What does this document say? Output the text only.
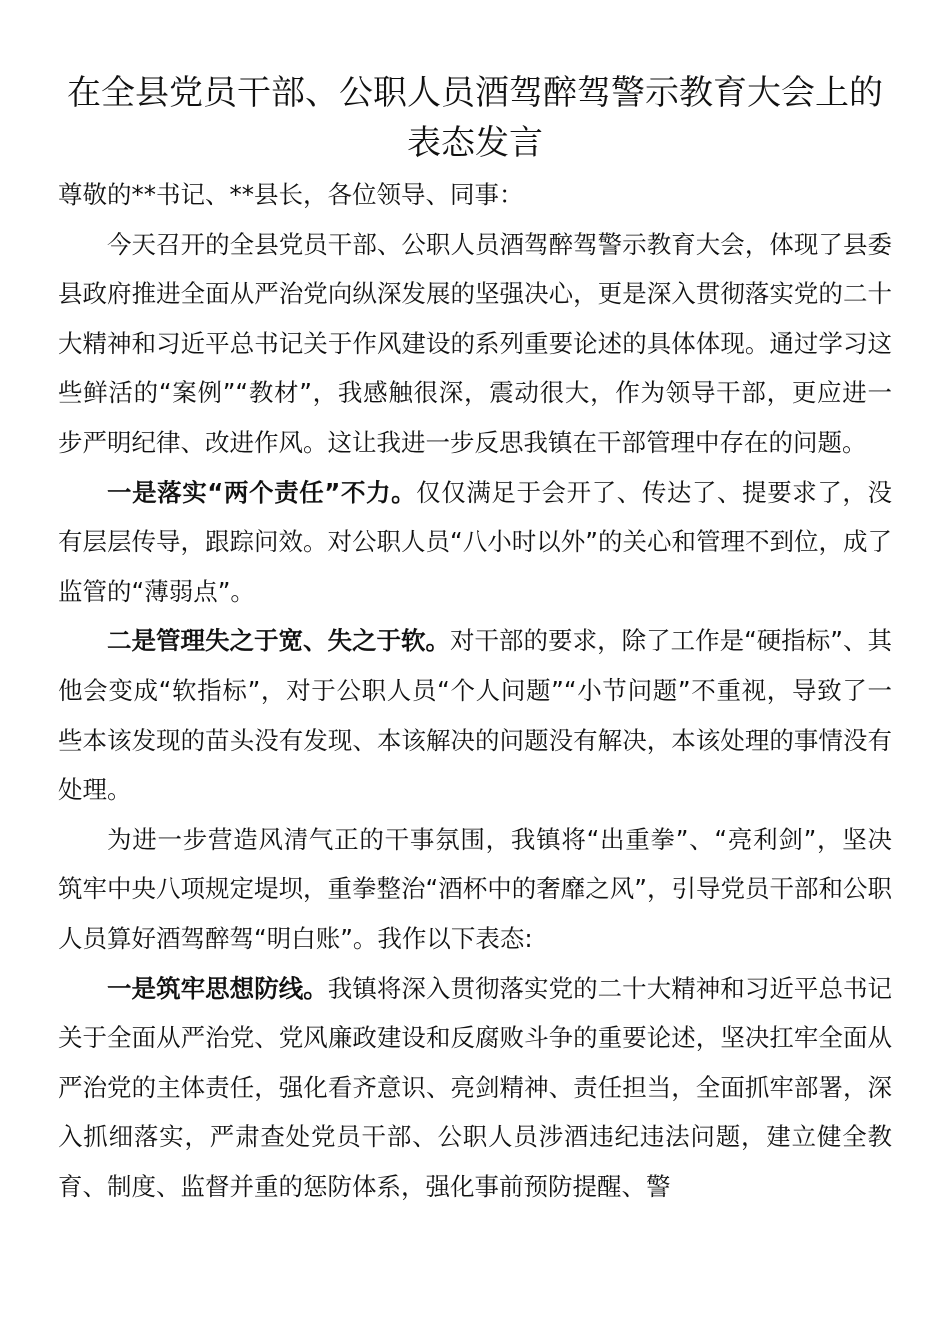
在全县党员干部、公职人员酒驾醉驾警示教育大会上的表态发言

尊敬的**书记、**县长，各位领导、同事：

今天召开的全县党员干部、公职人员酒驾醉驾警示教育大会，体现了县委县政府推进全面从严治党向纵深发展的坚强决心，更是深入贯彻落实党的二十大精神和习近平总书记关于作风建设的系列重要论述的具体体现。通过学习这些鲜活的“案例”“教材”，我感触很深，震动很大，作为领导干部，更应进一步严明纪律、改进作风。这让我进一步反思我镇在干部管理中存在的问题。

一是落实“两个责任”不力。仅仅满足于会开了、传达了、提要求了，没有层层传导，跟踪问效。对公职人员“八小时以外”的关心和管理不到位，成了监管的“薄弱点”。

二是管理失之于宽、失之于软。对干部的要求，除了工作是“硬指标”、其他会变成“软指标”，对于公职人员“个人问题”“小节问题”不重视，导致了一些本该发现的苗头没有发现、本该解决的问题没有解决，本该处理的事情没有处理。

为进一步营造风清气正的干事氛围，我镇将“出重拳”、“亮利剑”，坚决筑牢中央八项规定堤坝，重拳整治“酒杯中的奢靡之风”，引导党员干部和公职人员算好酒驾醉驾“明白账”。我作以下表态:

一是筑牢思想防线。我镇将深入贯彻落实党的二十大精神和习近平总书记关于全面从严治党、党风廉政建设和反腐败斗争的重要论述，坚决扛牢全面从严治党的主体责任，强化看齐意识、亮剑精神、责任担当，全面抓牢部署，深入抓细落实，严肃查处党员干部、公职人员涉酒违纪违法问题，建立健全教育、制度、监督并重的惩防体系，强化事前预防提醒、警
